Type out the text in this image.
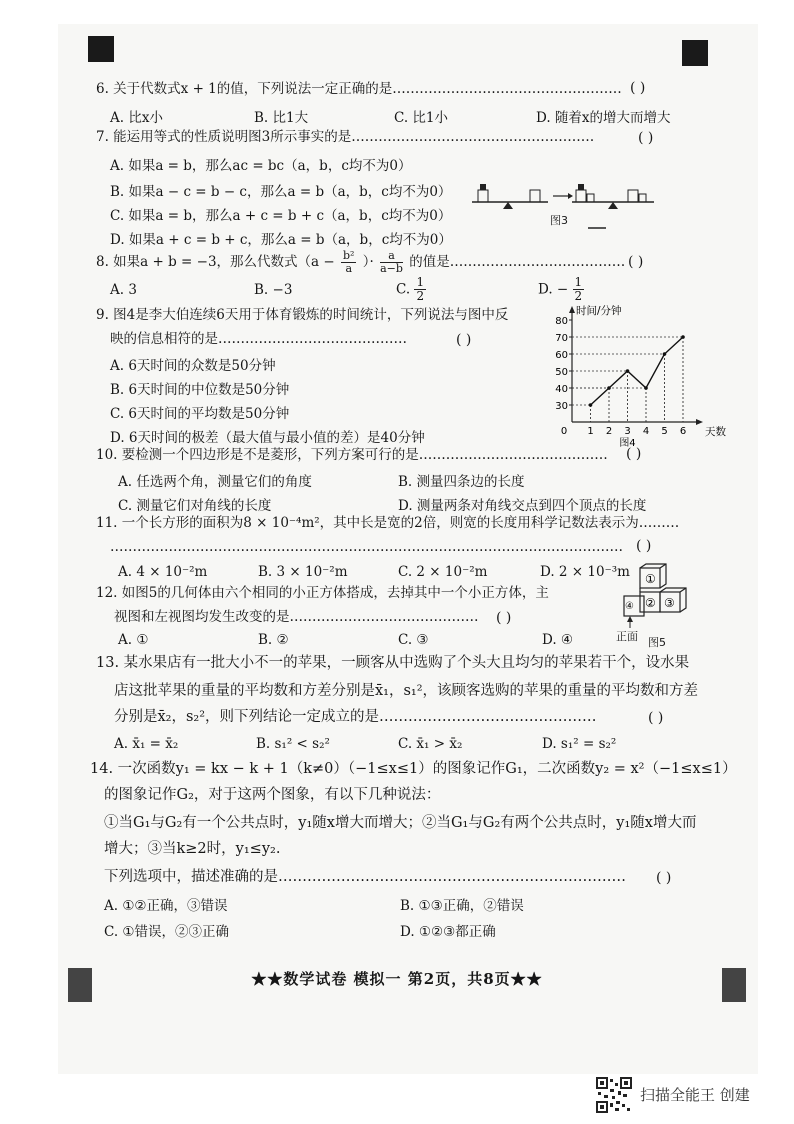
6. 关于代数式x + 1的值，下列说法一定正确的是…………………………………………… ( )
A. 比x小	B. 比1大	C. 比1小	D. 随着x的增大而增大
7. 能运用等式的性质说明图3所示事实的是………………………………………………	( )
A. 如果a = b，那么ac = bc（a，b，c均不为0）
B. 如果a − c = b − c，那么a = b（a，b，c均不为0）
C. 如果a = b，那么a + c = b + c（a，b，c均不为0）
D. 如果a + c = b + c，那么a = b（a，b，c均不为0）
图3
8. 如果a + b = −3，那么代数式（$a - \frac{\text{b²}}{a}$ ）· $\frac{a}{a-b}$ 的值是………………………………… ( )
A. 3	B. −3	C. $\frac{1}{2}$	D. − $\frac{1}{2}$
9. 图4是李大伯连续6天用于体育锻炼的时间统计，下列说法与图中反
映的信息相符的是……………………………………	( )
A. 6天时间的众数是50分钟
B. 6天时间的中位数是50分钟
C. 6天时间的平均数是50分钟
D. 6天时间的极差（最大值与最小值的差）是40分钟
30
40
50
60
70
80
0 1 2 3 4 5 6
时间/分钟
天数
图4
10. 要检测一个四边形是不是菱形，下列方案可行的是…………………………………… ( )
A. 任选两个角，测量它们的角度	B. 测量四条边的长度
C. 测量它们对角线的长度	D. 测量两条对角线交点到四个顶点的长度
11. 一个长方形的面积为8 × 10⁻⁴m²，其中长是宽的2倍，则宽的长度用科学记数法表示为………
…………………………………………………………………………………………………… ( )
A. 4 × 10⁻²m	B. 3 × 10⁻²m	C. 2 × 10⁻²m	D. 2 × 10⁻³m
12. 如图5的几何体由六个相同的小正方体搭成，去掉其中一个小正方体，主
视图和左视图均发生改变的是…………………………………… ( )
A. ①	B. ②	C. ③	D. ④
①
② ③
④
正面 图5
13. 某水果店有一批大小不一的苹果，一顾客从中选购了个头大且均匀的苹果若干个，设水果
店这批苹果的重量的平均数和方差分别是x̄₁，s₁²，该顾客选购的苹果的重量的平均数和方差
分别是x̄₂，s₂²，则下列结论一定成立的是………………………………………	( )
A. x̄₁ = x̄₂	B. s₁² < s₂²	C. x̄₁ > x̄₂	D. s₁² = s₂²
14. 一次函数y₁ = kx − k + 1（k≠0）（−1≤x≤1）的图象记作G₁，二次函数y₂ = x²（−1≤x≤1）
的图象记作G₂，对于这两个图象，有以下几种说法：
①当G₁与G₂有一个公共点时，y₁随x增大而增大；②当G₁与G₂有两个公共点时，y₁随x增大而
增大；③当k≥2时，y₁≤y₂.
下列选项中，描述准确的是……………………………………………………………… ( )
A. ①②正确，③错误	B. ①③正确，②错误
C. ①错误，②③正确	D. ①②③都正确
★★数学试卷 模拟一 第2页，共8页★★
扫描全能王 创建
